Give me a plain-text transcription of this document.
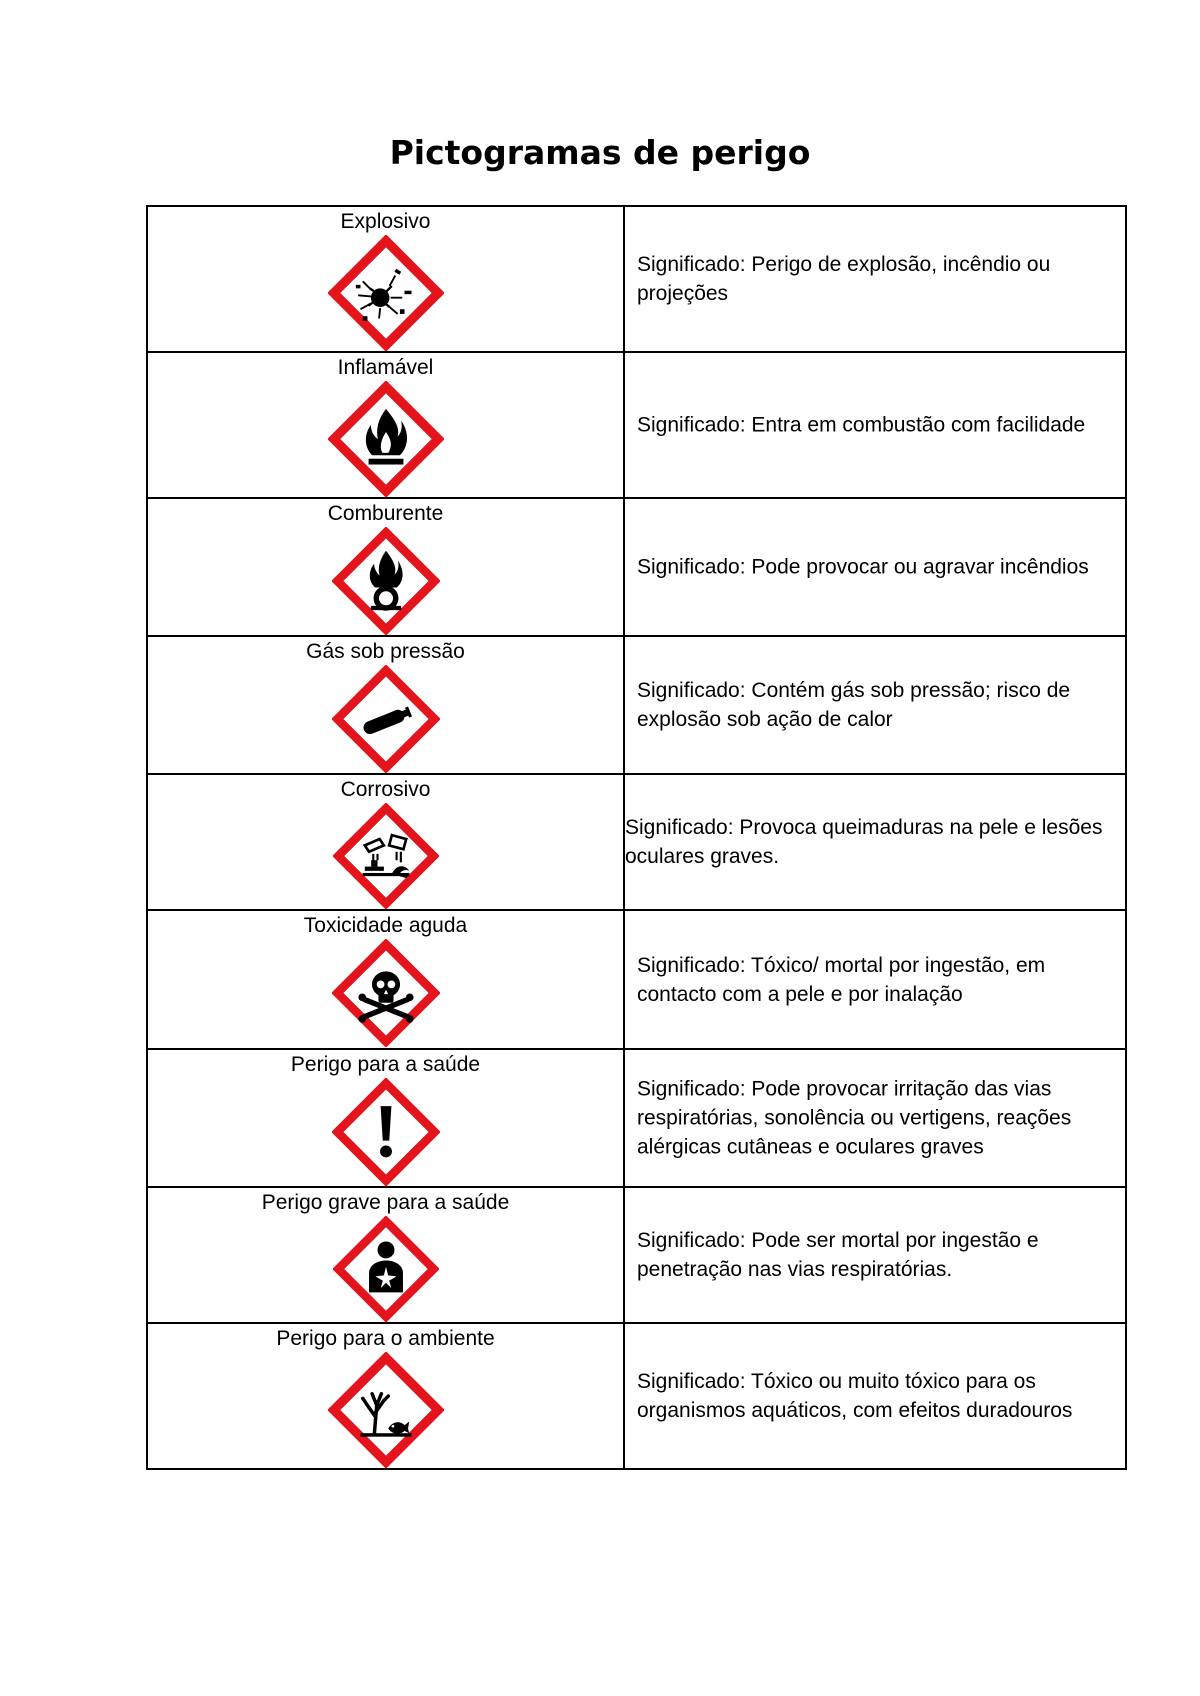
Pictogramas de perigo
Explosivo	Significado: Perigo de explosão, incêndio ou projeções

Inflamável	Significado: Entra em combustão com facilidade

Comburente	Significado: Pode provocar ou agravar incêndios

Gás sob pressão	Significado: Contém gás sob pressão; risco de explosão sob ação de calor

Corrosivo	Significado: Provoca queimaduras na pele e lesões oculares graves.

Toxicidade aguda	Significado: Tóxico/ mortal por ingestão, em contacto com a pele e por inalação

Perigo para a saúde	Significado: Pode provocar irritação das vias respiratórias, sonolência ou vertigens, reações alérgicas cutâneas e oculares graves

Perigo grave para a saúde	Significado: Pode ser mortal por ingestão e penetração nas vias respiratórias.

Perigo para o ambiente	Significado: Tóxico ou muito tóxico para os organismos aquáticos, com efeitos duradouros
